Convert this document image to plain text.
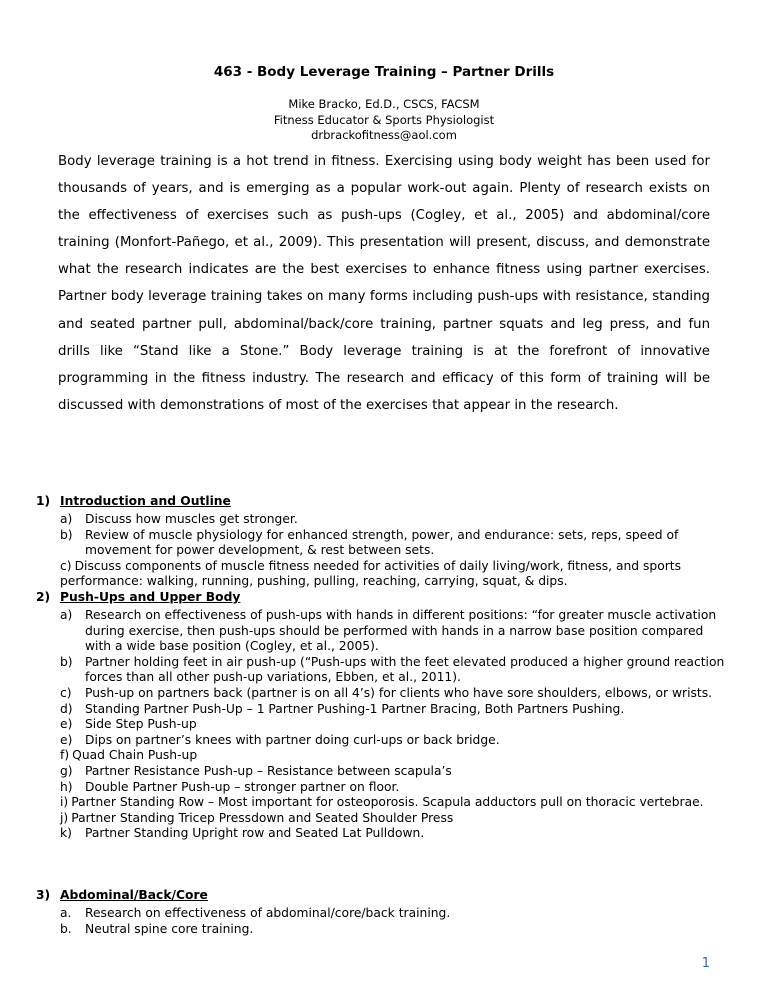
463 - Body Leverage Training – Partner Drills
Mike Bracko, Ed.D., CSCS, FACSM
Fitness Educator & Sports Physiologist
drbrackofitness@aol.com

Body leverage training is a hot trend in fitness. Exercising using body weight has been used for thousands of years, and is emerging as a popular work-out again. Plenty of research exists on the effectiveness of exercises such as push-ups (Cogley, et al., 2005) and abdominal/core training (Monfort-Pañego, et al., 2009). This presentation will present, discuss, and demonstrate what the research indicates are the best exercises to enhance fitness using partner exercises. Partner body leverage training takes on many forms including push-ups with resistance, standing and seated partner pull, abdominal/back/core training, partner squats and leg press, and fun drills like “Stand like a Stone.” Body leverage training is at the forefront of innovative programming in the fitness industry. The research and efficacy of this form of training will be discussed with demonstrations of most of the exercises that appear in the research.

1) Introduction and Outline
a) Discuss how muscles get stronger.
b) Review of muscle physiology for enhanced strength, power, and endurance: sets, reps, speed of movement for power development, & rest between sets.
c) Discuss components of muscle fitness needed for activities of daily living/work, fitness, and sports performance: walking, running, pushing, pulling, reaching, carrying, squat, & dips.
2) Push-Ups and Upper Body
a) Research on effectiveness of push-ups with hands in different positions: “for greater muscle activation during exercise, then push-ups should be performed with hands in a narrow base position compared with a wide base position (Cogley, et al., 2005).
b) Partner holding feet in air push-up (“Push-ups with the feet elevated produced a higher ground reaction forces than all other push-up variations, Ebben, et al., 2011).
c) Push-up on partners back (partner is on all 4’s) for clients who have sore shoulders, elbows, or wrists.
d) Standing Partner Push-Up – 1 Partner Pushing-1 Partner Bracing, Both Partners Pushing.
e) Side Step Push-up
e) Dips on partner’s knees with partner doing curl-ups or back bridge.
f) Quad Chain Push-up
g) Partner Resistance Push-up – Resistance between scapula’s
h) Double Partner Push-up – stronger partner on floor.
i) Partner Standing Row – Most important for osteoporosis. Scapula adductors pull on thoracic vertebrae.
j) Partner Standing Tricep Pressdown and Seated Shoulder Press
k) Partner Standing Upright row and Seated Lat Pulldown.
3) Abdominal/Back/Core
a. Research on effectiveness of abdominal/core/back training.
b. Neutral spine core training.
1
